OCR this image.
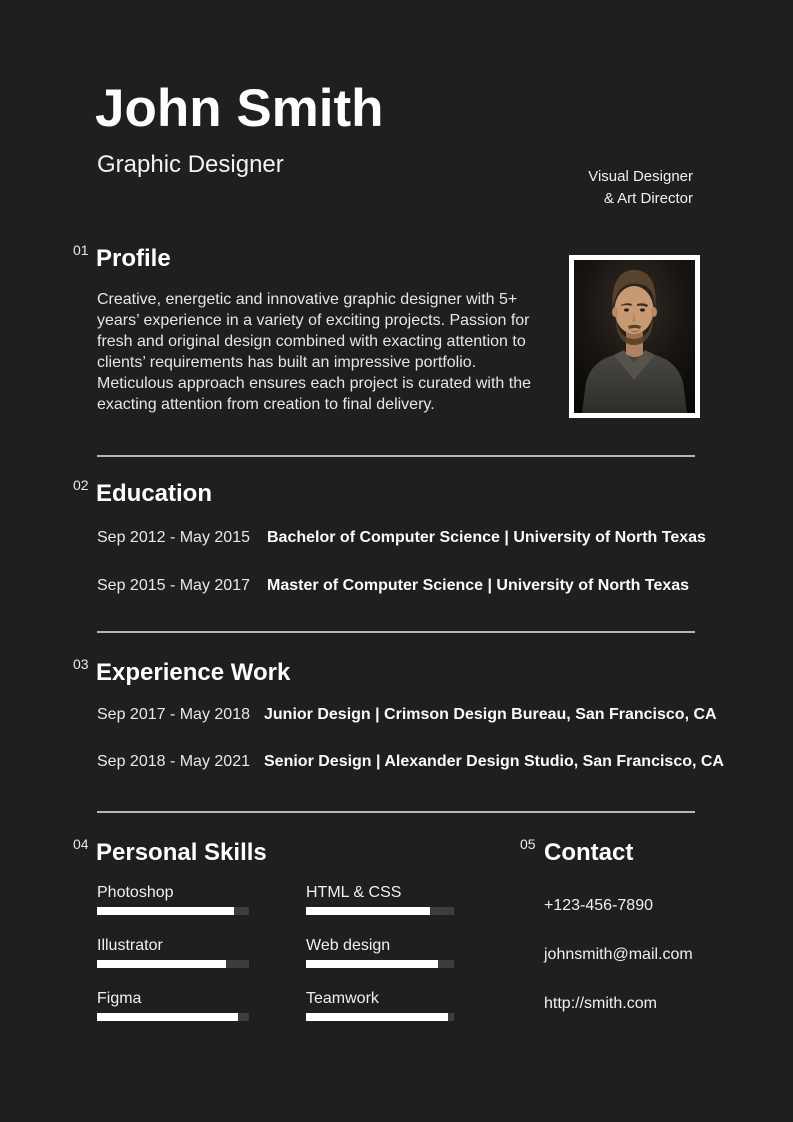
John Smith
Graphic Designer	Visual Designer
& Art Director
01 Profile
Creative, energetic and innovative graphic designer with 5+ years’ experience in a variety of exciting projects. Passion for fresh and original design combined with exacting attention to clients’ requirements has built an impressive portfolio. Meticulous approach ensures each project is curated with the exacting attention from creation to final delivery.
02 Education
Sep 2012 - May 2015 Bachelor of Computer Science | University of North Texas
Sep 2015 - May 2017 Master of Computer Science | University of North Texas
03 Experience Work
Sep 2017 - May 2018 Junior Design | Crimson Design Bureau, San Francisco, CA
Sep 2018 - May 2021 Senior Design | Alexander Design Studio, San Francisco, CA
04 Personal Skills	05 Contact
Photoshop
Illustrator
Figma
HTML & CSS
Web design
Teamwork
+123-456-7890
johnsmith@mail.com
http://smith.com
